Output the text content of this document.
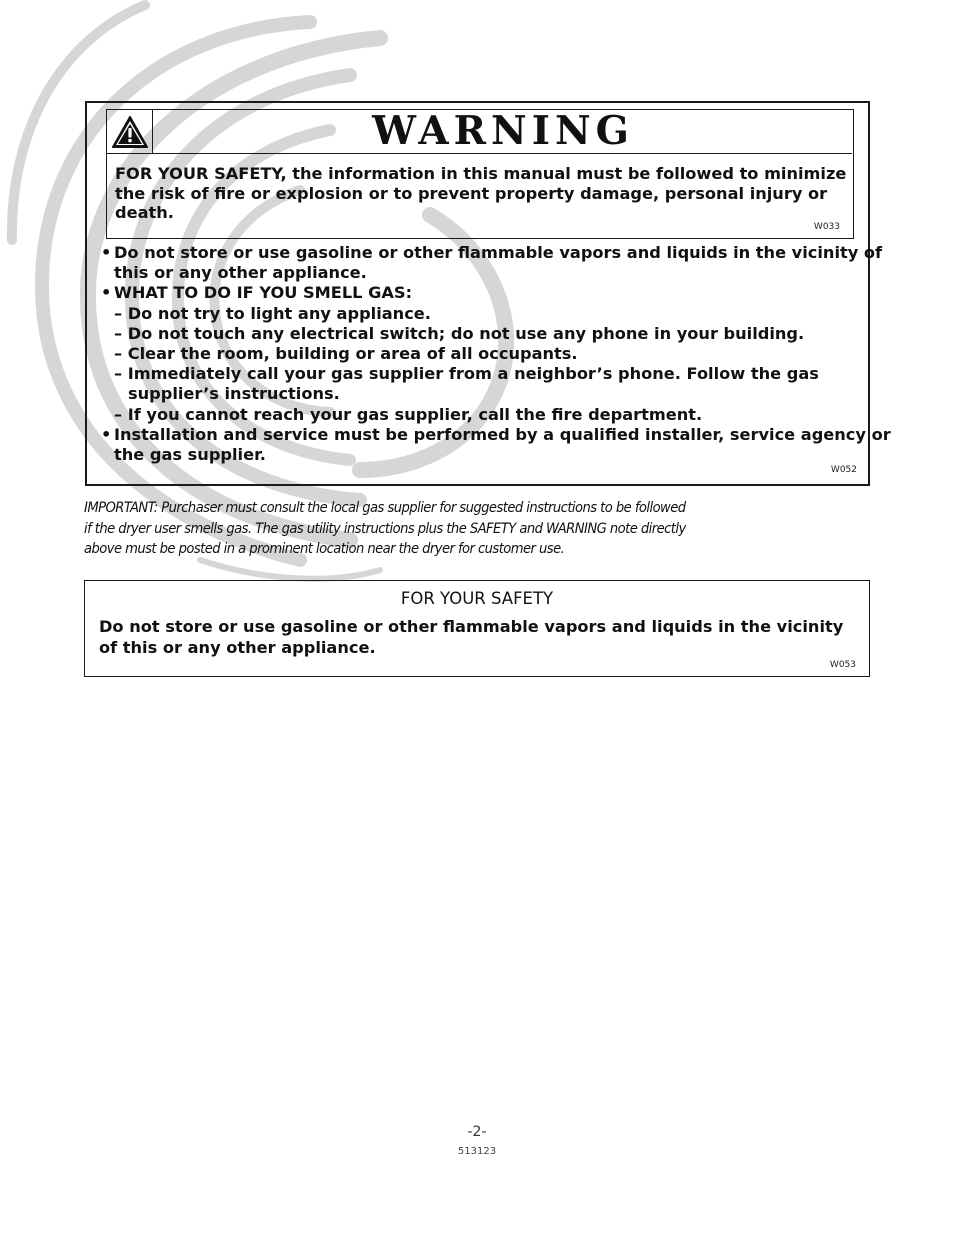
WARNING

FOR YOUR SAFETY, the information in this manual must be followed to minimize the risk of fire or explosion or to prevent property damage, personal injury or death.

W033
• Do not store or use gasoline or other flammable vapors and liquids in the vicinity of
this or any other appliance.
• WHAT TO DO IF YOU SMELL GAS:
– Do not try to light any appliance.
– Do not touch any electrical switch; do not use any phone in your building.
– Clear the room, building or area of all occupants.
– Immediately call your gas supplier from a neighbor’s phone. Follow the gas
supplier’s instructions.
– If you cannot reach your gas supplier, call the fire department.
• Installation and service must be performed by a qualified installer, service agency or
the gas supplier.
W052

IMPORTANT: Purchaser must consult the local gas supplier for suggested instructions to be followed
if the dryer user smells gas. The gas utility instructions plus the SAFETY and WARNING note directly
above must be posted in a prominent location near the dryer for customer use.

FOR YOUR SAFETY

Do not store or use gasoline or other flammable vapors and liquids in the vicinity of this or any other appliance.

W053
-2-
513123
